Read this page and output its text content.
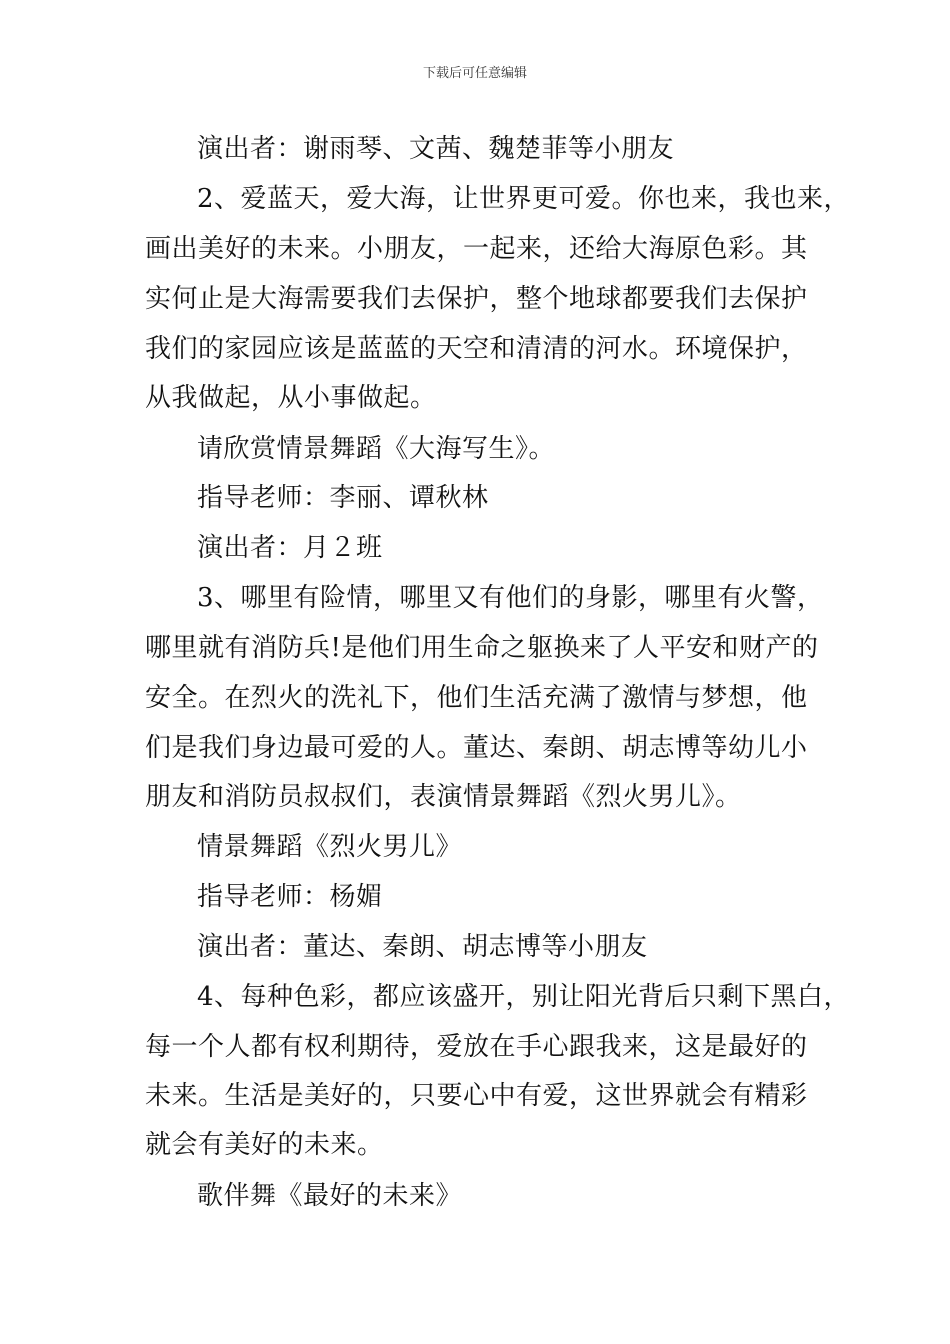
下载后可任意编辑
演出者：谢雨琴、文茜、魏楚菲等小朋友
2、爱蓝天，爱大海，让世界更可爱。你也来，我也来，
画出美好的未来。小朋友，一起来，还给大海原色彩。其
实何止是大海需要我们去保护，整个地球都要我们去保护
我们的家园应该是蓝蓝的天空和清清的河水。环境保护，
从我做起，从小事做起。
请欣赏情景舞蹈《大海写生》。
指导老师：李丽、谭秋林
演出者：月２班
3、哪里有险情，哪里又有他们的身影，哪里有火警，
哪里就有消防兵!是他们用生命之躯换来了人平安和财产的
安全。在烈火的洗礼下，他们生活充满了激情与梦想，他
们是我们身边最可爱的人。董达、秦朗、胡志博等幼儿小
朋友和消防员叔叔们，表演情景舞蹈《烈火男儿》。
情景舞蹈《烈火男儿》
指导老师：杨媚
演出者：董达、秦朗、胡志博等小朋友
4、每种色彩，都应该盛开，别让阳光背后只剩下黑白，
每一个人都有权利期待，爱放在手心跟我来，这是最好的
未来。生活是美好的，只要心中有爱，这世界就会有精彩
就会有美好的未来。
歌伴舞《最好的未来》
